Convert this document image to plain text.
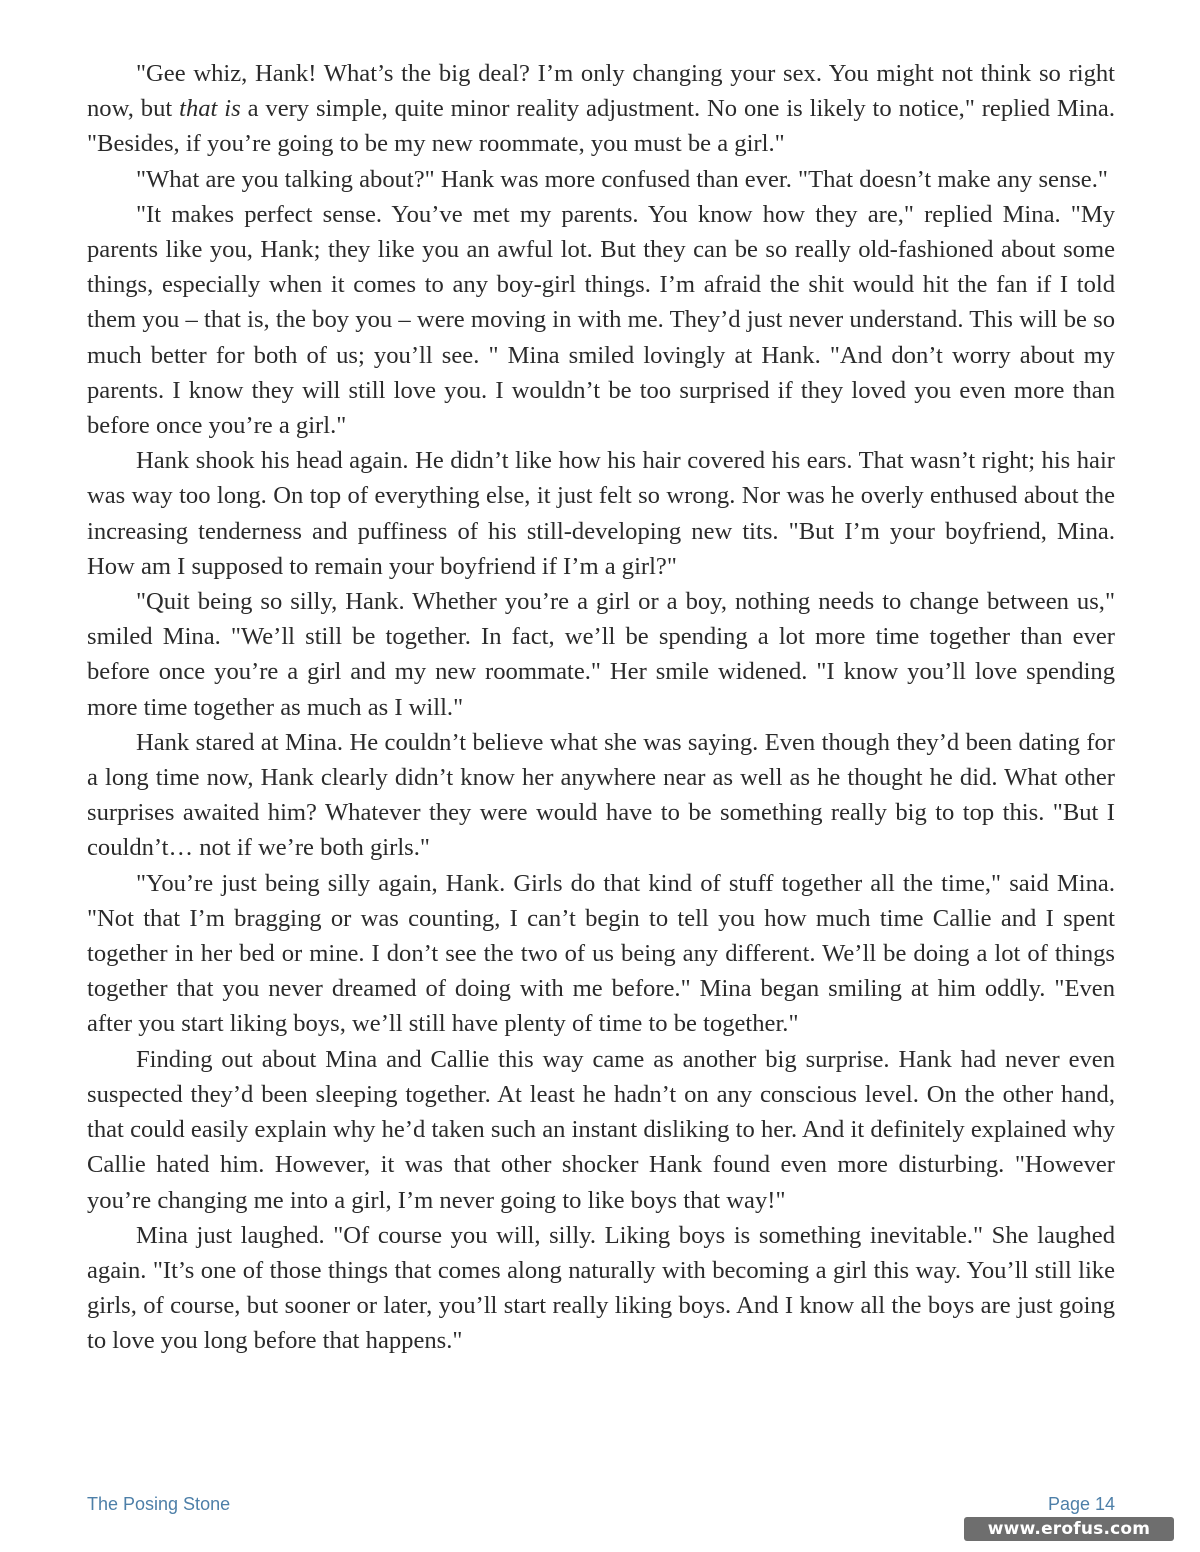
"Gee whiz, Hank! What’s the big deal? I’m only changing your sex. You might not think so right now, but that is a very simple, quite minor reality adjustment. No one is likely to notice," replied Mina. "Besides, if you’re going to be my new roommate, you must be a girl."

"What are you talking about?" Hank was more confused than ever. "That doesn’t make any sense."

"It makes perfect sense. You’ve met my parents. You know how they are," replied Mina. "My parents like you, Hank; they like you an awful lot. But they can be so really old-fashioned about some things, especially when it comes to any boy-girl things. I’m afraid the shit would hit the fan if I told them you – that is, the boy you – were moving in with me. They’d just never understand. This will be so much better for both of us; you’ll see. " Mina smiled lovingly at Hank. "And don’t worry about my parents. I know they will still love you. I wouldn’t be too surprised if they loved you even more than before once you’re a girl."

Hank shook his head again. He didn’t like how his hair covered his ears. That wasn’t right; his hair was way too long. On top of everything else, it just felt so wrong. Nor was he overly enthused about the increasing tenderness and puffiness of his still-developing new tits. "But I’m your boyfriend, Mina. How am I supposed to remain your boyfriend if I’m a girl?"

"Quit being so silly, Hank. Whether you’re a girl or a boy, nothing needs to change between us," smiled Mina. "We’ll still be together. In fact, we’ll be spending a lot more time together than ever before once you’re a girl and my new roommate." Her smile widened. "I know you’ll love spending more time together as much as I will."

Hank stared at Mina. He couldn’t believe what she was saying. Even though they’d been dating for a long time now, Hank clearly didn’t know her anywhere near as well as he thought he did. What other surprises awaited him? Whatever they were would have to be something really big to top this. "But I couldn’t… not if we’re both girls."

"You’re just being silly again, Hank. Girls do that kind of stuff together all the time," said Mina. "Not that I’m bragging or was counting, I can’t begin to tell you how much time Callie and I spent together in her bed or mine. I don’t see the two of us being any different. We’ll be doing a lot of things together that you never dreamed of doing with me before." Mina began smiling at him oddly. "Even after you start liking boys, we’ll still have plenty of time to be together."

Finding out about Mina and Callie this way came as another big surprise. Hank had never even suspected they’d been sleeping together. At least he hadn’t on any conscious level. On the other hand, that could easily explain why he’d taken such an instant disliking to her. And it definitely explained why Callie hated him. However, it was that other shocker Hank found even more disturbing. "However you’re changing me into a girl, I’m never going to like boys that way!"

Mina just laughed. "Of course you will, silly. Liking boys is something inevitable." She laughed again. "It’s one of those things that comes along naturally with becoming a girl this way. You’ll still like girls, of course, but sooner or later, you’ll start really liking boys. And I know all the boys are just going to love you long before that happens."

The Posing Stone	Page 14
www.erofus.com
